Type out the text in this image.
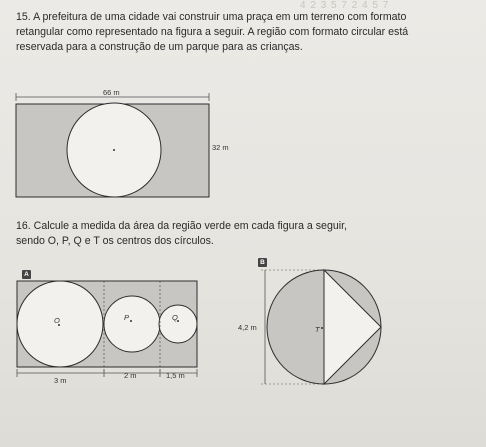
4 2 3 5 7 2 4 5 7
15. A prefeitura de uma cidade vai construir uma praça em um terreno com formato
retangular como representado na figura a seguir. A região com formato circular está
reservada para a construção de um parque para as crianças.
66 m
32 m
16. Calcule a medida da área da região verde em cada figura a seguir,
sendo O, P, Q e T os centros dos círculos.
A
O	P	Q
3 m
2 m	1,5 m
B
4,2 m	T
